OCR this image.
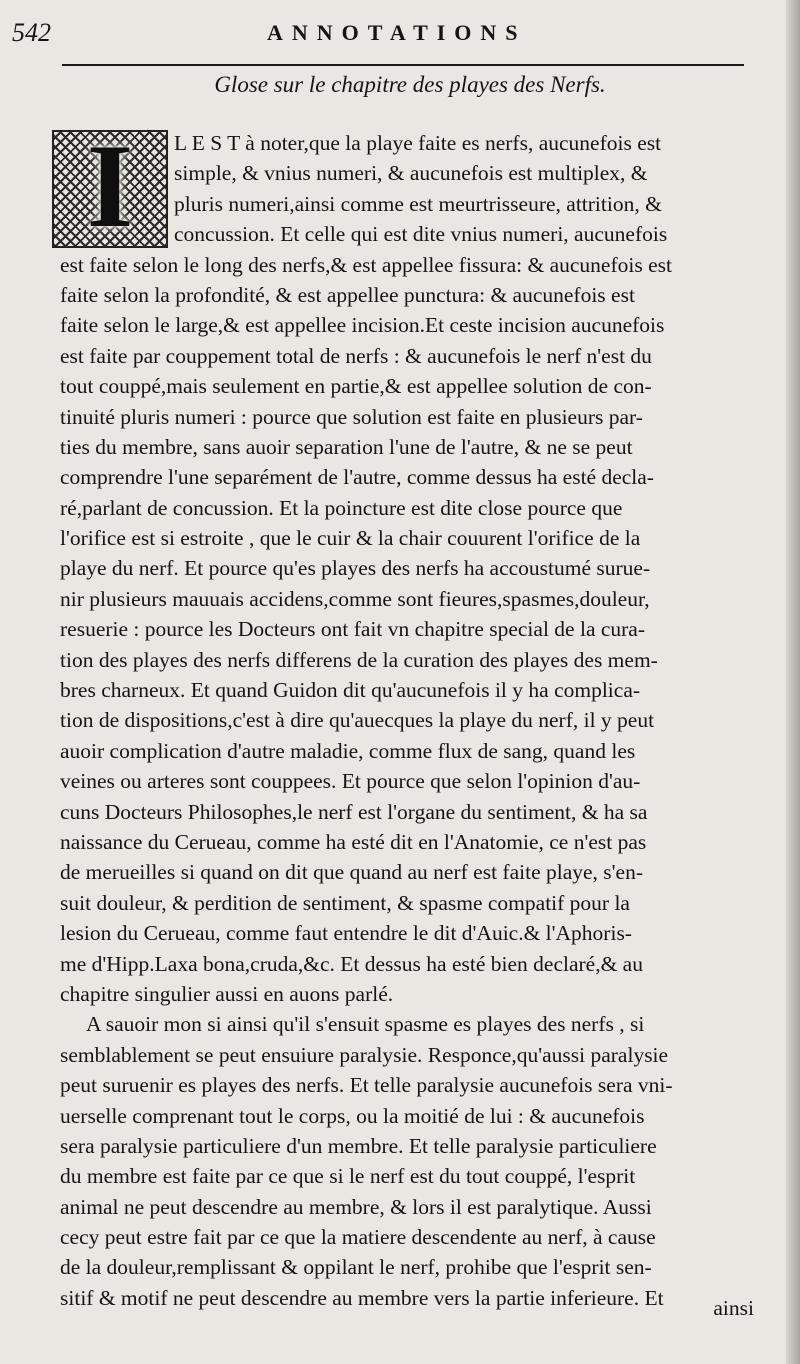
542	ANNOTATIONS
Glose sur le chapitre des playes des Nerfs.
I	L E S T à noter,que la playe faite es nerfs, aucunefois est
simple, & vnius numeri, & aucunefois est multiplex, &
pluris numeri,ainsi comme est meurtrisseure, attrition, &
concussion. Et celle qui est dite vnius numeri, aucunefois
est faite selon le long des nerfs,& est appellee fissura: & aucunefois est
faite selon la profondité, & est appellee punctura: & aucunefois est
faite selon le large,& est appellee incision.Et ceste incision aucunefois
est faite par couppement total de nerfs : & aucunefois le nerf n'est du
tout couppé,mais seulement en partie,& est appellee solution de con-
tinuité pluris numeri : pource que solution est faite en plusieurs par-
ties du membre, sans auoir separation l'une de l'autre, & ne se peut
comprendre l'une separément de l'autre, comme dessus ha esté decla-
ré,parlant de concussion. Et la poincture est dite close pource que
l'orifice est si estroite , que le cuir & la chair couurent l'orifice de la
playe du nerf. Et pource qu'es playes des nerfs ha accoustumé surue-
nir plusieurs mauuais accidens,comme sont fieures,spasmes,douleur,
resuerie : pource les Docteurs ont fait vn chapitre special de la cura-
tion des playes des nerfs differens de la curation des playes des mem-
bres charneux. Et quand Guidon dit qu'aucunefois il y ha complica-
tion de dispositions,c'est à dire qu'auecques la playe du nerf, il y peut
auoir complication d'autre maladie, comme flux de sang, quand les
veines ou arteres sont couppees. Et pource que selon l'opinion d'au-
cuns Docteurs Philosophes,le nerf est l'organe du sentiment, & ha sa
naissance du Cerueau, comme ha esté dit en l'Anatomie, ce n'est pas
de merueilles si quand on dit que quand au nerf est faite playe, s'en-
suit douleur, & perdition de sentiment, & spasme compatif pour la
lesion du Cerueau, comme faut entendre le dit d'Auic.& l'Aphoris-
me d'Hipp.Laxa bona,cruda,&c. Et dessus ha esté bien declaré,& au
chapitre singulier aussi en auons parlé.
A sauoir mon si ainsi qu'il s'ensuit spasme es playes des nerfs , si
semblablement se peut ensuiure paralysie. Responce,qu'aussi paralysie
peut suruenir es playes des nerfs. Et telle paralysie aucunefois sera vni-
uerselle comprenant tout le corps, ou la moitié de lui : & aucunefois
sera paralysie particuliere d'un membre. Et telle paralysie particuliere
du membre est faite par ce que si le nerf est du tout couppé, l'esprit
animal ne peut descendre au membre, & lors il est paralytique. Aussi
cecy peut estre fait par ce que la matiere descendente au nerf, à cause
de la douleur,remplissant & oppilant le nerf, prohibe que l'esprit sen-
sitif & motif ne peut descendre au membre vers la partie inferieure. Et	ainsi
